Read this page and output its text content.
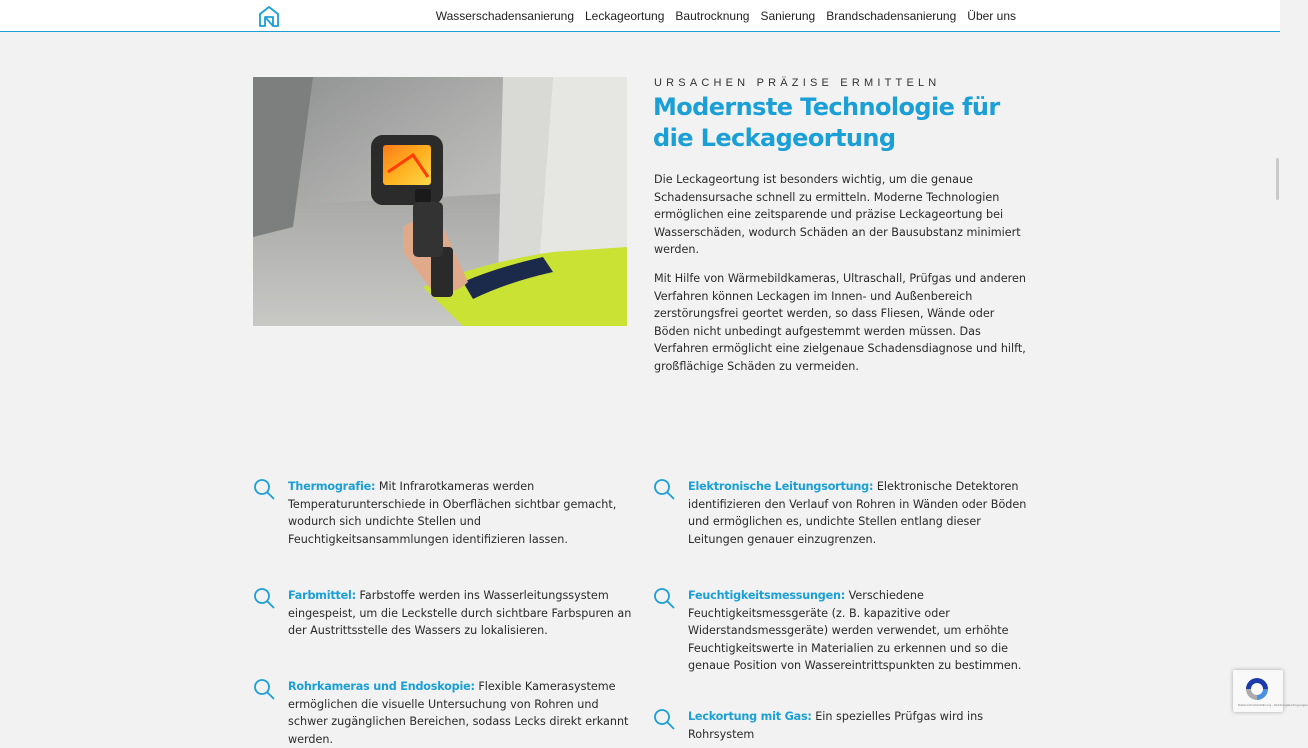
Wasserschadensanierung Leckageortung Bautrocknung Sanierung Brandschadensanierung Über uns
URSACHEN PRÄZISE ERMITTELN
Modernste Technologie für die Leckageortung

Die Leckageortung ist besonders wichtig, um die genaue Schadensursache schnell zu ermitteln. Moderne Technologien ermöglichen eine zeitsparende und präzise Leckageortung bei Wasserschäden, wodurch Schäden an der Bausubstanz minimiert werden.

Mit Hilfe von Wärmebildkameras, Ultraschall, Prüfgas und anderen Verfahren können Leckagen im Innen- und Außenbereich zerstörungsfrei geortet werden, so dass Fliesen, Wände oder Böden nicht unbedingt aufgestemmt werden müssen. Das Verfahren ermöglicht eine zielgenaue Schadensdiagnose und hilft, großflächige Schäden zu vermeiden.

Thermografie: Mit Infrarotkameras werden Temperaturunterschiede in Oberflächen sichtbar gemacht, wodurch sich undichte Stellen und Feuchtigkeitsansammlungen identifizieren lassen.
Elektronische Leitungsortung: Elektronische Detektoren identifizieren den Verlauf von Rohren in Wänden oder Böden und ermöglichen es, undichte Stellen entlang dieser Leitungen genauer einzugrenzen.
Farbmittel: Farbstoffe werden ins Wasserleitungssystem eingespeist, um die Leckstelle durch sichtbare Farbspuren an der Austrittsstelle des Wassers zu lokalisieren.
Feuchtigkeitsmessungen: Verschiedene Feuchtigkeitsmessgeräte (z. B. kapazitive oder Widerstandsmessgeräte) werden verwendet, um erhöhte Feuchtigkeitswerte in Materialien zu erkennen und so die genaue Position von Wassereintrittspunkten zu bestimmen.
Rohrkameras und Endoskopie: Flexible Kamerasysteme ermöglichen die visuelle Untersuchung von Rohren und schwer zugänglichen Bereichen, sodass Lecks direkt erkannt werden.
Leckortung mit Gas: Ein spezielles Prüfgas wird ins Rohrsystem
Datenschutzerklärung - Nutzungsbedingungen
